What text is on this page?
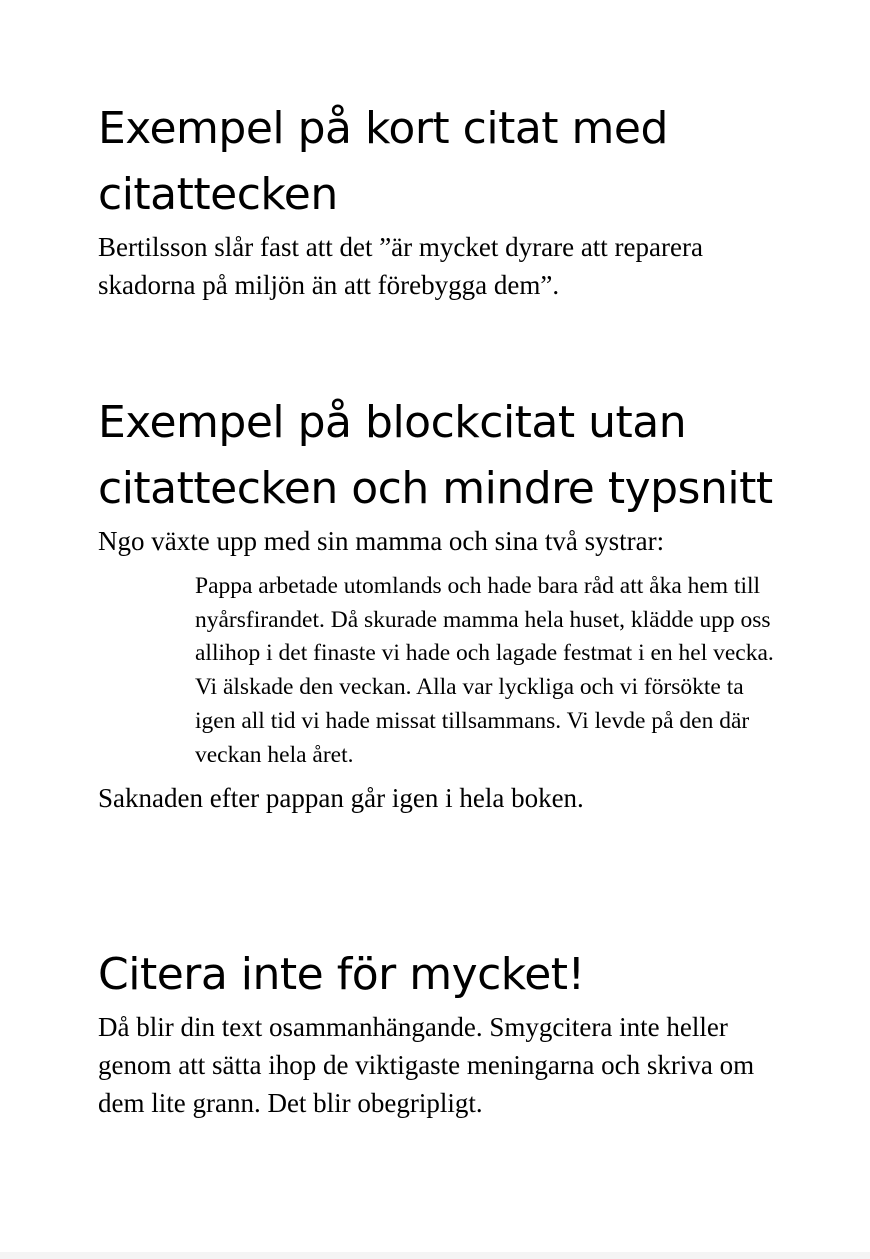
Exempel på kort citat med citattecken

Bertilsson slår fast att det ”är mycket dyrare att reparera skadorna på miljön än att förebygga dem”.

Exempel på blockcitat utan citattecken och mindre typsnitt

Ngo växte upp med sin mamma och sina två systrar:

Pappa arbetade utomlands och hade bara råd att åka hem till nyårsfirandet. Då skurade mamma hela huset, klädde upp oss allihop i det finaste vi hade och lagade festmat i en hel vecka. Vi älskade den veckan. Alla var lyckliga och vi försökte ta igen all tid vi hade missat tillsammans. Vi levde på den där veckan hela året.

Saknaden efter pappan går igen i hela boken.

Citera inte för mycket!

Då blir din text osammanhängande. Smygcitera inte heller genom att sätta ihop de viktigaste meningarna och skriva om dem lite grann. Det blir obegripligt.
